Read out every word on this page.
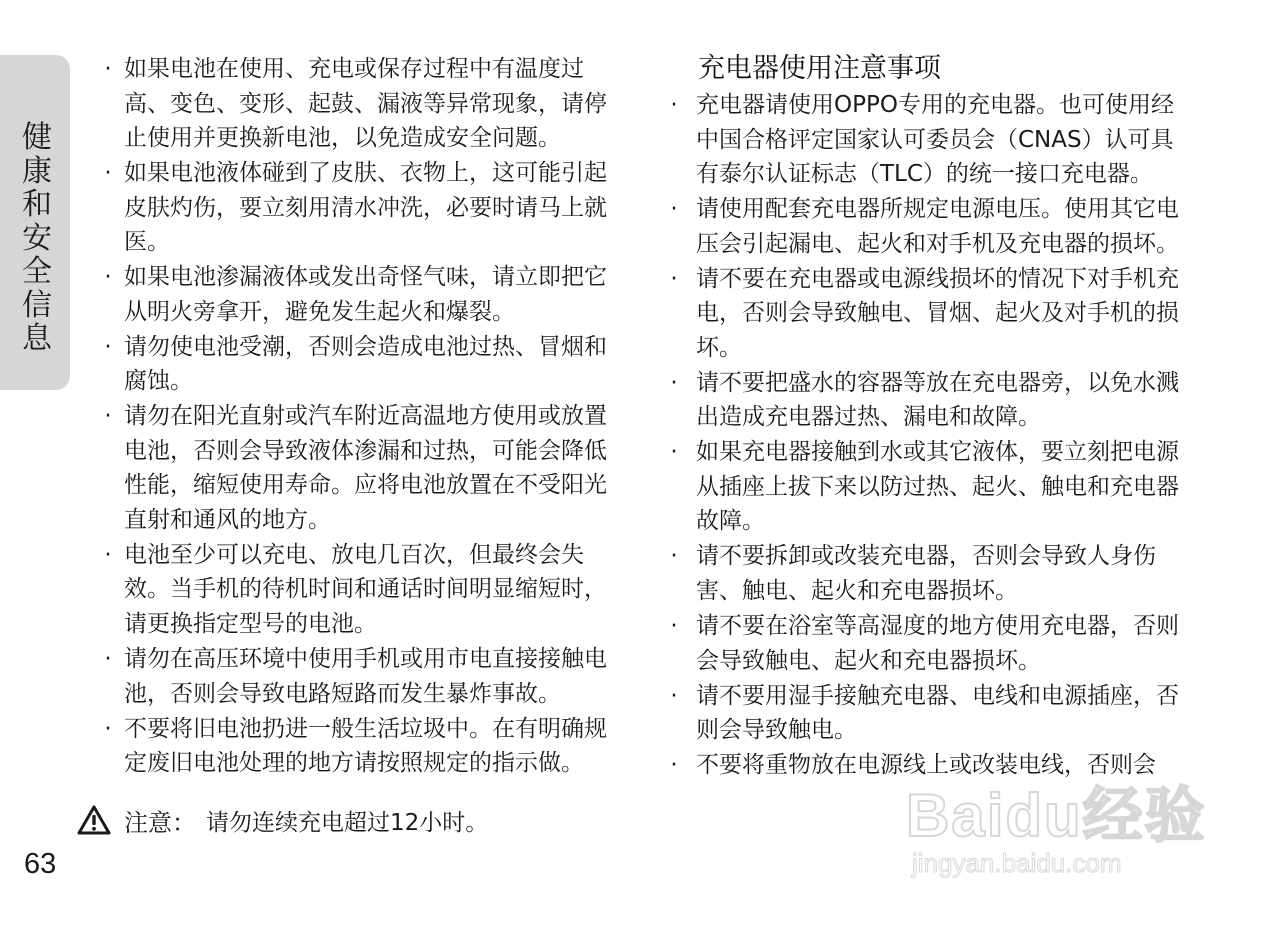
健康和安全信息
63
· 如果电池在使用、充电或保存过程中有温度过高、变色、变形、起鼓、漏液等异常现象，请停止使用并更换新电池，以免造成安全问题。
· 如果电池液体碰到了皮肤、衣物上，这可能引起皮肤灼伤，要立刻用清水冲洗，必要时请马上就医。
· 如果电池渗漏液体或发出奇怪气味，请立即把它从明火旁拿开，避免发生起火和爆裂。
· 请勿使电池受潮，否则会造成电池过热、冒烟和腐蚀。
· 请勿在阳光直射或汽车附近高温地方使用或放置电池，否则会导致液体渗漏和过热，可能会降低性能，缩短使用寿命。应将电池放置在不受阳光直射和通风的地方。
· 电池至少可以充电、放电几百次，但最终会失效。当手机的待机时间和通话时间明显缩短时，请更换指定型号的电池。
· 请勿在高压环境中使用手机或用市电直接接触电池，否则会导致电路短路而发生暴炸事故。
· 不要将旧电池扔进一般生活垃圾中。在有明确规定废旧电池处理的地方请按照规定的指示做。
注意： 请勿连续充电超过12小时。
充电器使用注意事项
· 充电器请使用OPPO专用的充电器。也可使用经中国合格评定国家认可委员会（CNAS）认可具有泰尔认证标志（TLC）的统一接口充电器。
· 请使用配套充电器所规定电源电压。使用其它电压会引起漏电、起火和对手机及充电器的损坏。
· 请不要在充电器或电源线损坏的情况下对手机充电，否则会导致触电、冒烟、起火及对手机的损坏。
· 请不要把盛水的容器等放在充电器旁，以免水溅出造成充电器过热、漏电和故障。
· 如果充电器接触到水或其它液体，要立刻把电源从插座上拔下来以防过热、起火、触电和充电器故障。
· 请不要拆卸或改装充电器，否则会导致人身伤害、触电、起火和充电器损坏。
· 请不要在浴室等高湿度的地方使用充电器，否则会导致触电、起火和充电器损坏。
· 请不要用湿手接触充电器、电线和电源插座，否则会导致触电。
· 不要将重物放在电源线上或改装电线，否则会
Baidu经验
jingyan.baidu.com
